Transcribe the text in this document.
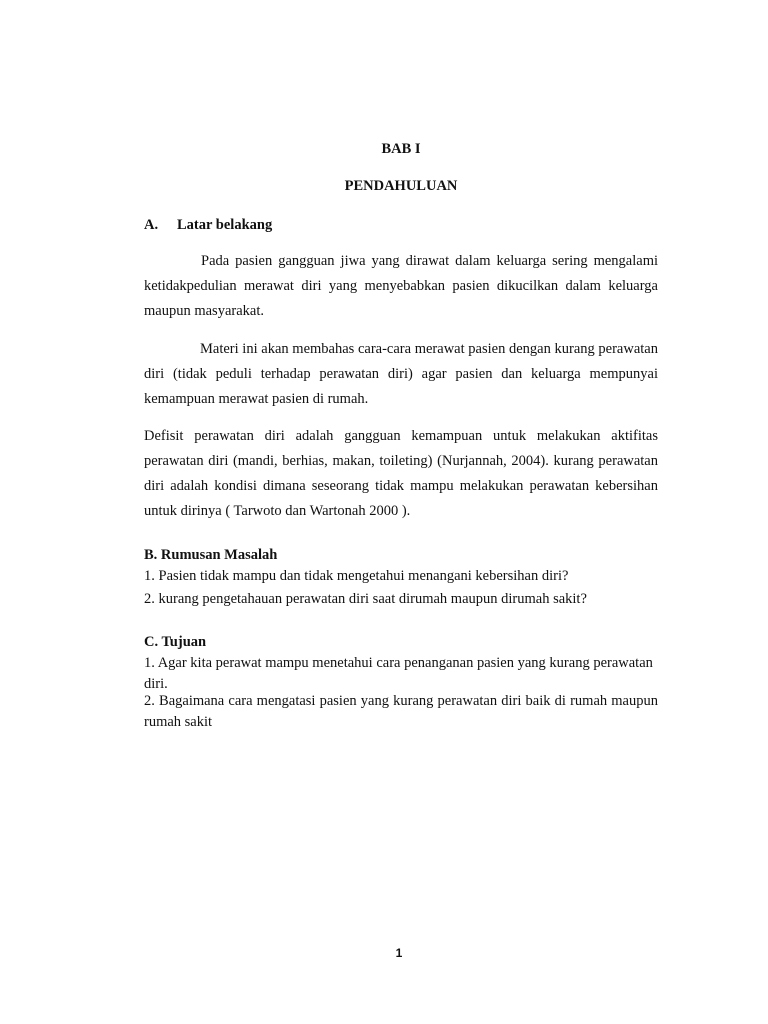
BAB I
PENDAHULUAN
A. Latar belakang

Pada pasien gangguan jiwa yang dirawat dalam keluarga sering mengalami ketidakpedulian merawat diri yang menyebabkan pasien dikucilkan dalam keluarga maupun masyarakat.

Materi ini akan membahas cara-cara merawat pasien dengan kurang perawatan diri (tidak peduli terhadap perawatan diri) agar pasien dan keluarga mempunyai kemampuan merawat pasien di rumah.

Defisit perawatan diri adalah gangguan kemampuan untuk melakukan aktifitas perawatan diri (mandi, berhias, makan, toileting) (Nurjannah, 2004). kurang perawatan diri adalah kondisi dimana seseorang tidak mampu melakukan perawatan kebersihan untuk dirinya ( Tarwoto dan Wartonah 2000 ).

B. Rumusan Masalah
1. Pasien tidak mampu dan tidak mengetahui menangani kebersihan diri?
2. kurang pengetahauan perawatan diri saat dirumah maupun dirumah sakit?
C. Tujuan
1. Agar kita perawat mampu menetahui cara penanganan pasien yang kurang perawatan diri.
2. Bagaimana cara mengatasi pasien yang kurang perawatan diri baik di rumah maupun rumah sakit
1
